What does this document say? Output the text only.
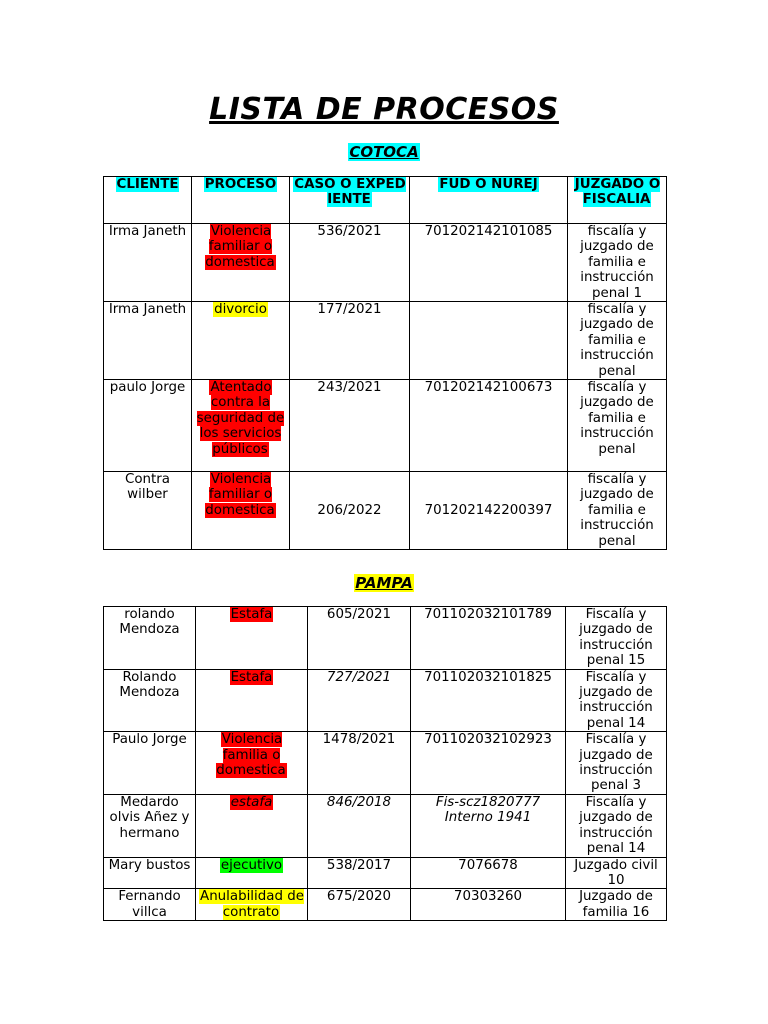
LISTA DE PROCESOS
COTOCA
CLIENTE	PROCESO	CASO O EXPEDIENTE	FUD O NUREJ	JUZGADO O FISCALIA
Irma Janeth	Violencia familiar o domestica	536/2021	701202142101085	fiscalía y juzgado de familia e instrucción penal 1
Irma Janeth	divorcio	177/2021		fiscalía y juzgado de familia e instrucción penal
paulo Jorge	Atentado contra la seguridad de los servicios públicos	243/2021	701202142100673	fiscalía y juzgado de familia e instrucción penal
Contra wilber	Violencia familiar o domestica	206/2022	701202142200397	fiscalía y juzgado de familia e instrucción penal
PAMPA
rolando Mendoza	Estafa	605/2021	701102032101789	Fiscalía y juzgado de instrucción penal 15
Rolando Mendoza	Estafa	727/2021	701102032101825	Fiscalía y juzgado de instrucción penal 14
Paulo Jorge	Violencia familia o domestica	1478/2021	701102032102923	Fiscalía y juzgado de instrucción penal 3
Medardo olvis Añez y hermano	estafa	846/2018	Fis-scz1820777 Interno 1941	Fiscalía y juzgado de instrucción penal 14
Mary bustos	ejecutivo	538/2017	7076678	Juzgado civil 10
Fernando villca	Anulabilidad de contrato	675/2020	70303260	Juzgado de familia 16
